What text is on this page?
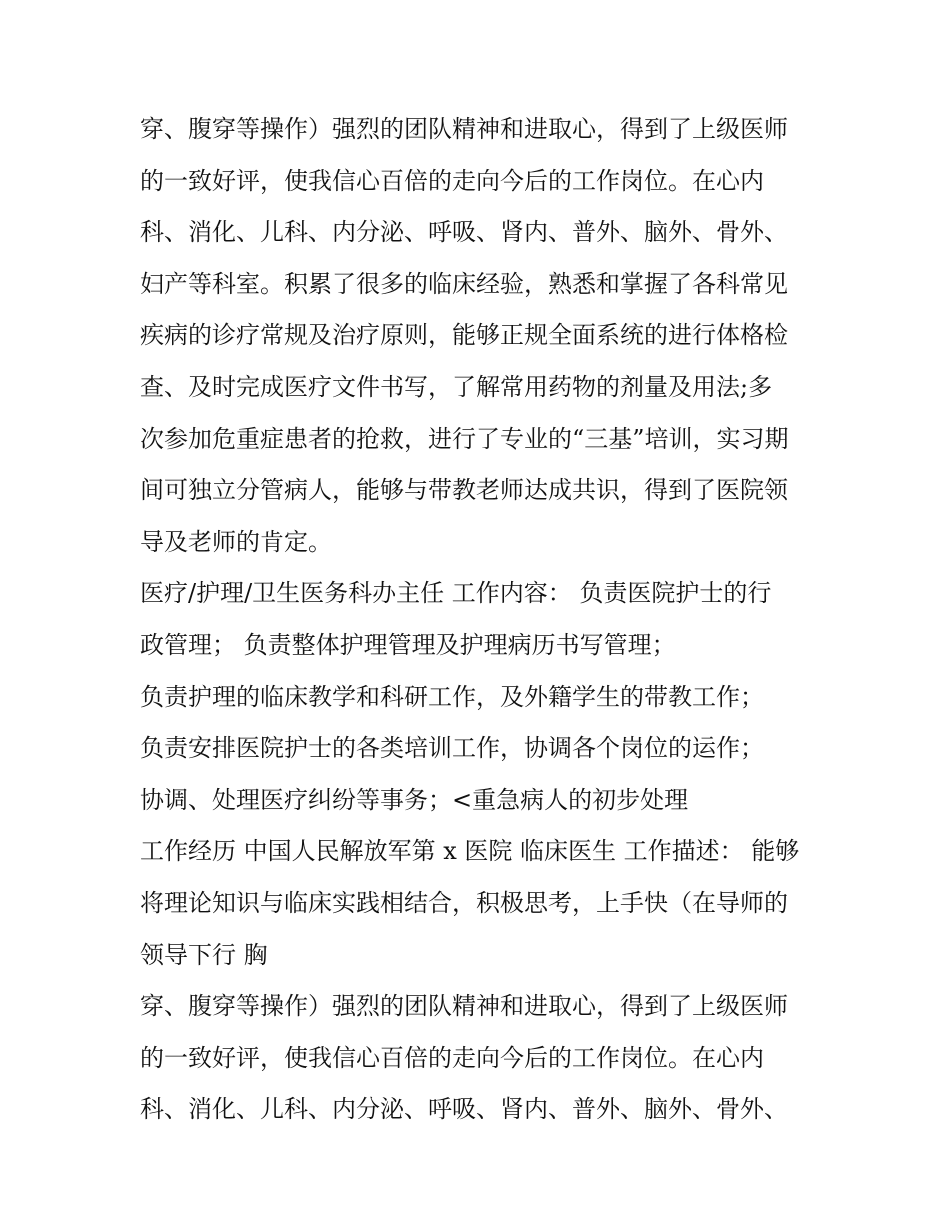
穿、腹穿等操作）强烈的团队精神和进取心，得到了上级医师
的一致好评，使我信心百倍的走向今后的工作岗位。在心内
科、消化、儿科、内分泌、呼吸、肾内、普外、脑外、骨外、
妇产等科室。积累了很多的临床经验，熟悉和掌握了各科常见
疾病的诊疗常规及治疗原则，能够正规全面系统的进行体格检
查、及时完成医疗文件书写，了解常用药物的剂量及用法;多
次参加危重症患者的抢救，进行了专业的“三基”培训，实习期
间可独立分管病人，能够与带教老师达成共识，得到了医院领
导及老师的肯定。
医疗/护理/卫生医务科办主任 工作内容： 负责医院护士的行
政管理； 负责整体护理管理及护理病历书写管理；
负责护理的临床教学和科研工作，及外籍学生的带教工作；
负责安排医院护士的各类培训工作，协调各个岗位的运作；
协调、处理医疗纠纷等事务；<重急病人的初步处理
工作经历 中国人民解放军第 x 医院 临床医生 工作描述： 能够
将理论知识与临床实践相结合，积极思考，上手快（在导师的
领导下行 胸
穿、腹穿等操作）强烈的团队精神和进取心，得到了上级医师
的一致好评，使我信心百倍的走向今后的工作岗位。在心内
科、消化、儿科、内分泌、呼吸、肾内、普外、脑外、骨外、
